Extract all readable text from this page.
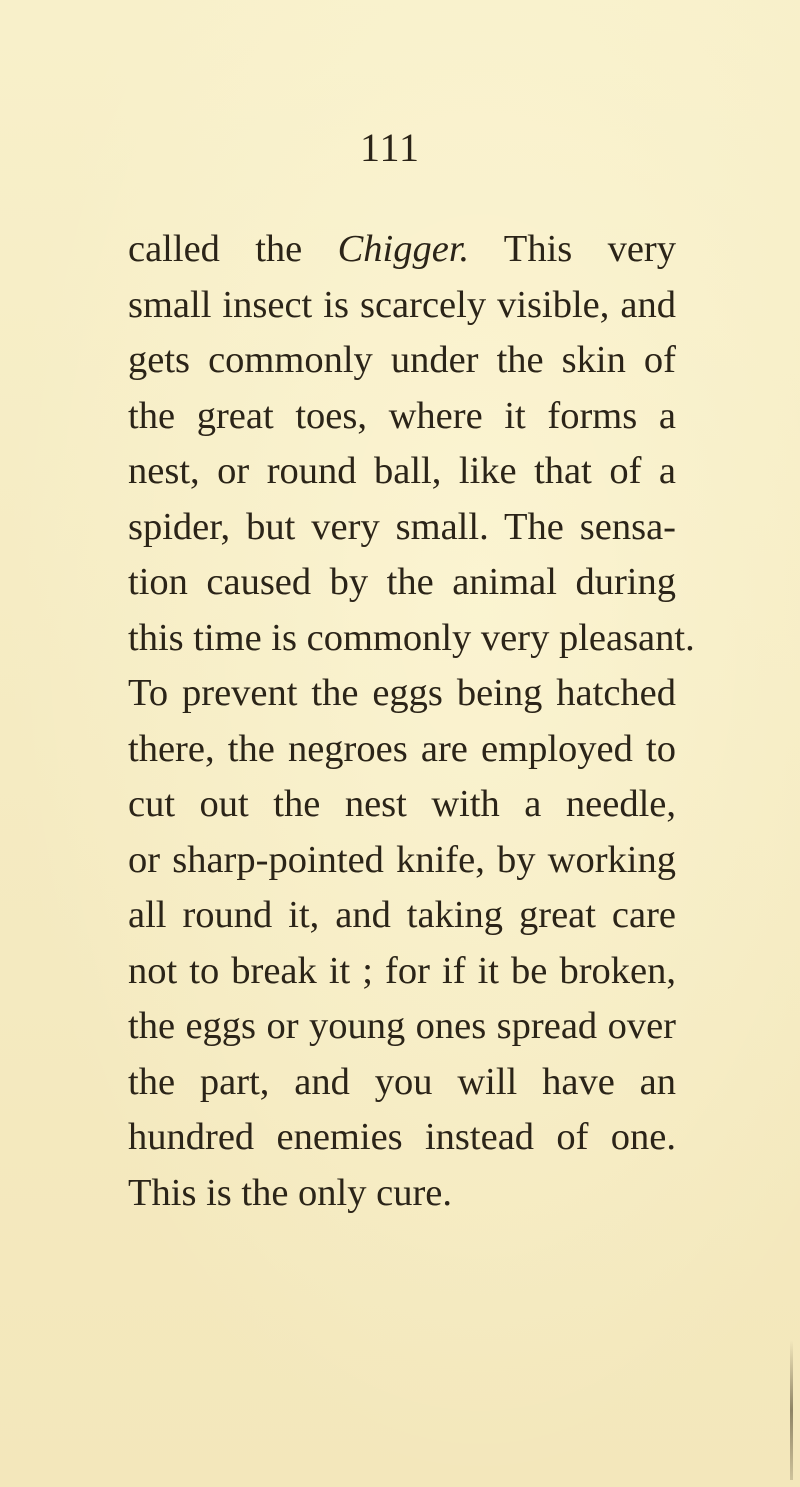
111
called the Chigger. This very
small insect is scarcely visible, and
gets commonly under the skin of
the great toes, where it forms a
nest, or round ball, like that of a
spider, but very small. The sensa-
tion caused by the animal during
this time is commonly very pleasant.
To prevent the eggs being hatched
there, the negroes are employed to
cut out the nest with a needle,
or sharp-pointed knife, by working
all round it, and taking great care
not to break it ; for if it be broken,
the eggs or young ones spread over
the part, and you will have an
hundred enemies instead of one.
This is the only cure.
